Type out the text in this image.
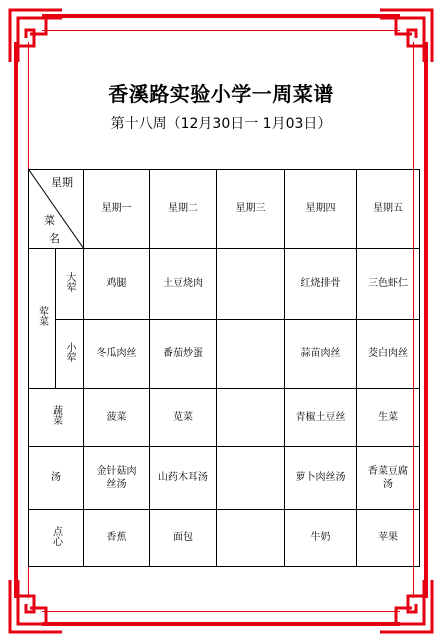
香溪路实验小学一周菜谱
第十八周（12月30日一 1月03日）
星期
菜
名		星期一	星期二	星期三	星期四	星期五
荤菜	大荤	鸡腿	土豆烧肉		红烧排骨	三色虾仁
	小荤	冬瓜肉丝	番茄炒蛋		蒜苗肉丝	茭白肉丝
蔬菜		菠菜	苋菜		青椒土豆丝	生菜
汤		金针菇肉丝汤	山药木耳汤		萝卜肉丝汤	香菜豆腐汤

点心		香蕉	面包		牛奶	苹果
